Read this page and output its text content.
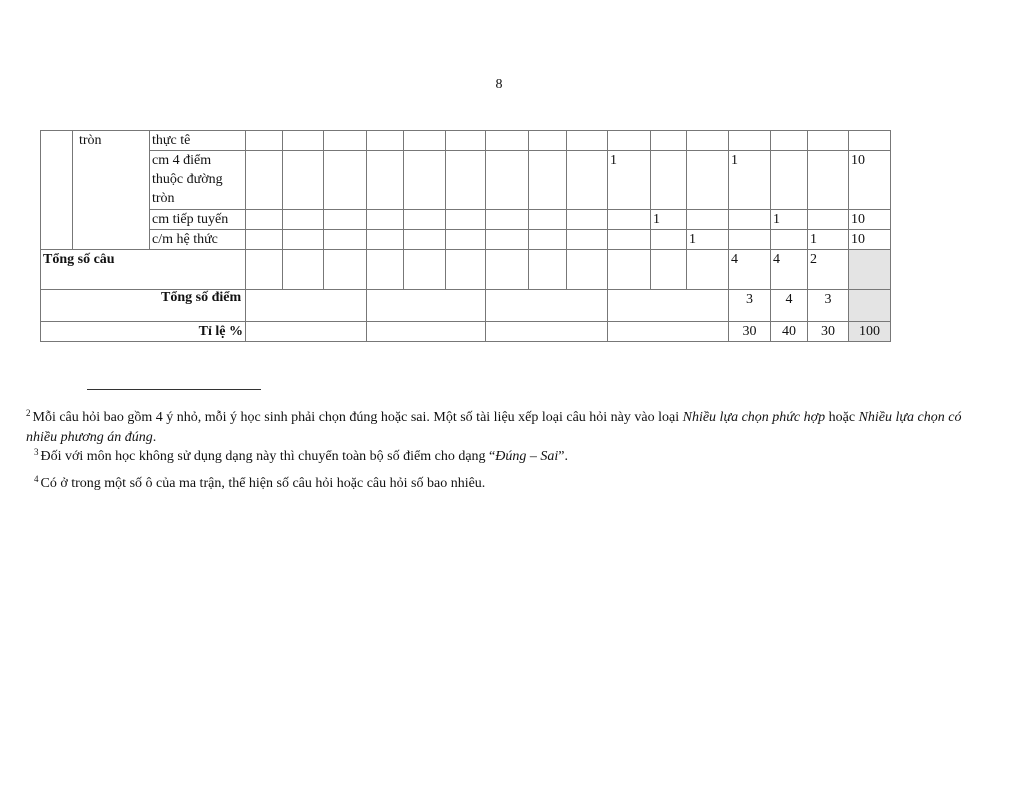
8
	tròn	thực tê																
		cm 4 điểm thuộc đường tròn										1			1			10
		cm tiếp tuyến											1			1		10
		c/m hệ thức												1			1	10
Tổng số câu															4	4	2	
Tổng số điểm															3	4	3	
Tỉ lệ %															30	40	30	100
$^2$ Mỗi câu hỏi bao gồm 4 ý nhỏ, mỗi ý học sinh phải chọn đúng hoặc sai. Một số tài liệu xếp loại câu hỏi này vào loại Nhiều lựa chọn phức hợp hoặc Nhiều lựa chọn có nhiều phương án đúng.
$^3$ Đối với môn học không sử dụng dạng này thì chuyển toàn bộ số điểm cho dạng “Đúng – Sai”.
$^4$ Có ở trong một số ô của ma trận, thể hiện số câu hỏi hoặc câu hỏi số bao nhiêu.
